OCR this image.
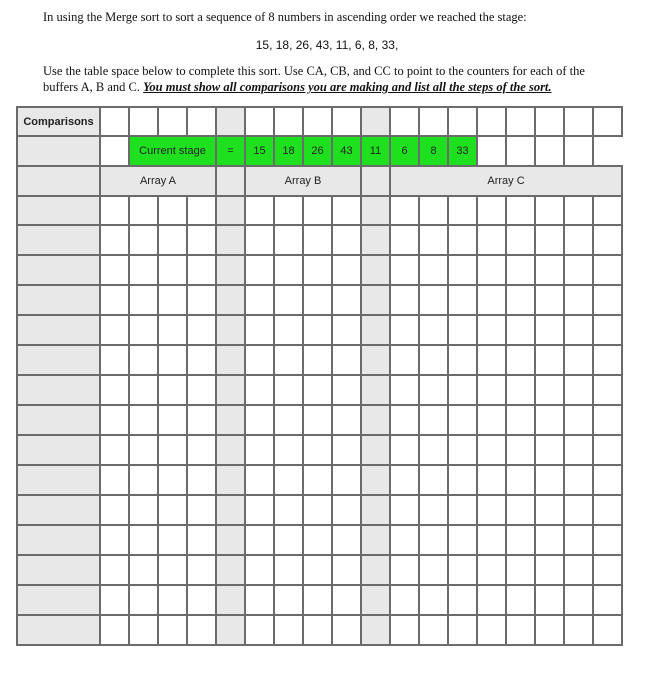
In using the Merge sort to sort a sequence of 8 numbers in ascending order we reached the stage:
15, 18, 26, 43, 11, 6, 8, 33,
Use the table space below to complete this sort. Use CA, CB, and CC to point to the counters for each of the buffers A, B and C. You must show all comparisons you are making and list all the steps of the sort.
Comparisons																		
		Current stage			=	15	18	26	43	11	6	8	33					
	Array A					Array B					Array C							
